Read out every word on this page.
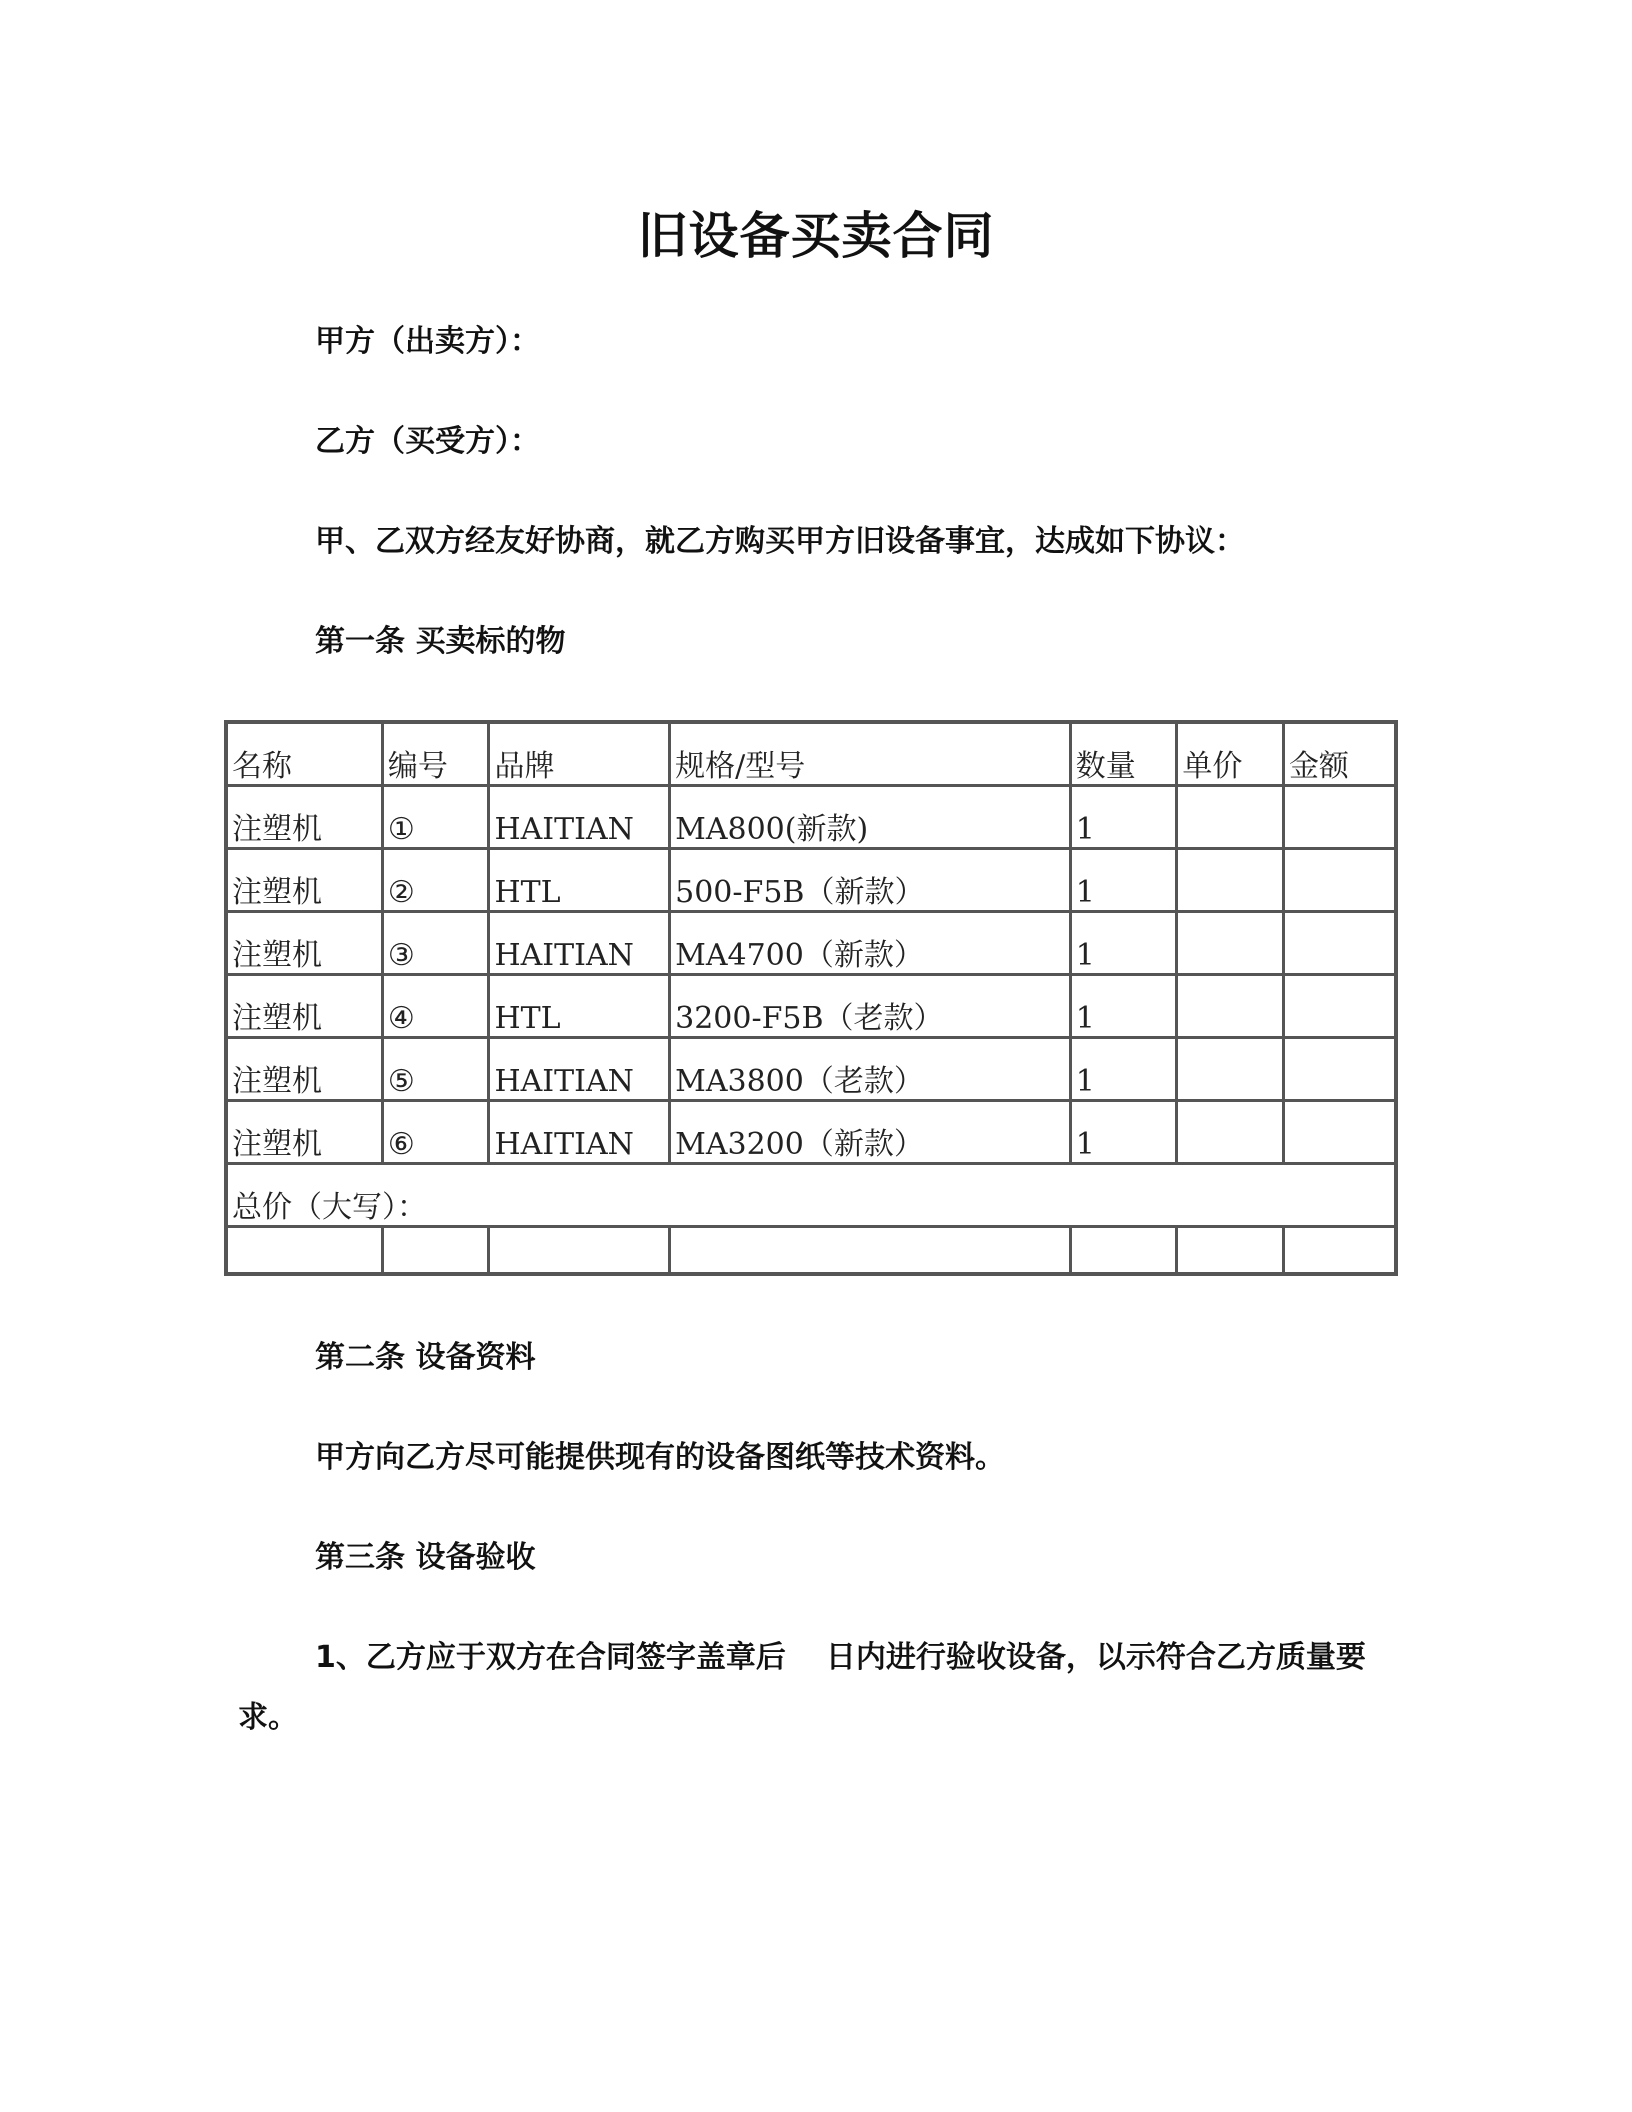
旧设备买卖合同
甲方（出卖方）：
乙方（买受方）：
甲、乙双方经友好协商，就乙方购买甲方旧设备事宜，达成如下协议：
第一条 买卖标的物
名称	编号	品牌	规格/型号	数量	单价	金额
注塑机	①	HAITIAN	MA800(新款)	1		
注塑机	②	HTL	500-F5B（新款）	1		
注塑机	③	HAITIAN	MA4700（新款）	1		
注塑机	④	HTL	3200-F5B（老款）	1		
注塑机	⑤	HAITIAN	MA3800（老款）	1		
注塑机	⑥	HAITIAN	MA3200（新款）	1		
总价（大写）：						

第二条 设备资料
甲方向乙方尽可能提供现有的设备图纸等技术资料。
第三条 设备验收
1、乙方应于双方在合同签字盖章后 日内进行验收设备，以示符合乙方质量要求。
